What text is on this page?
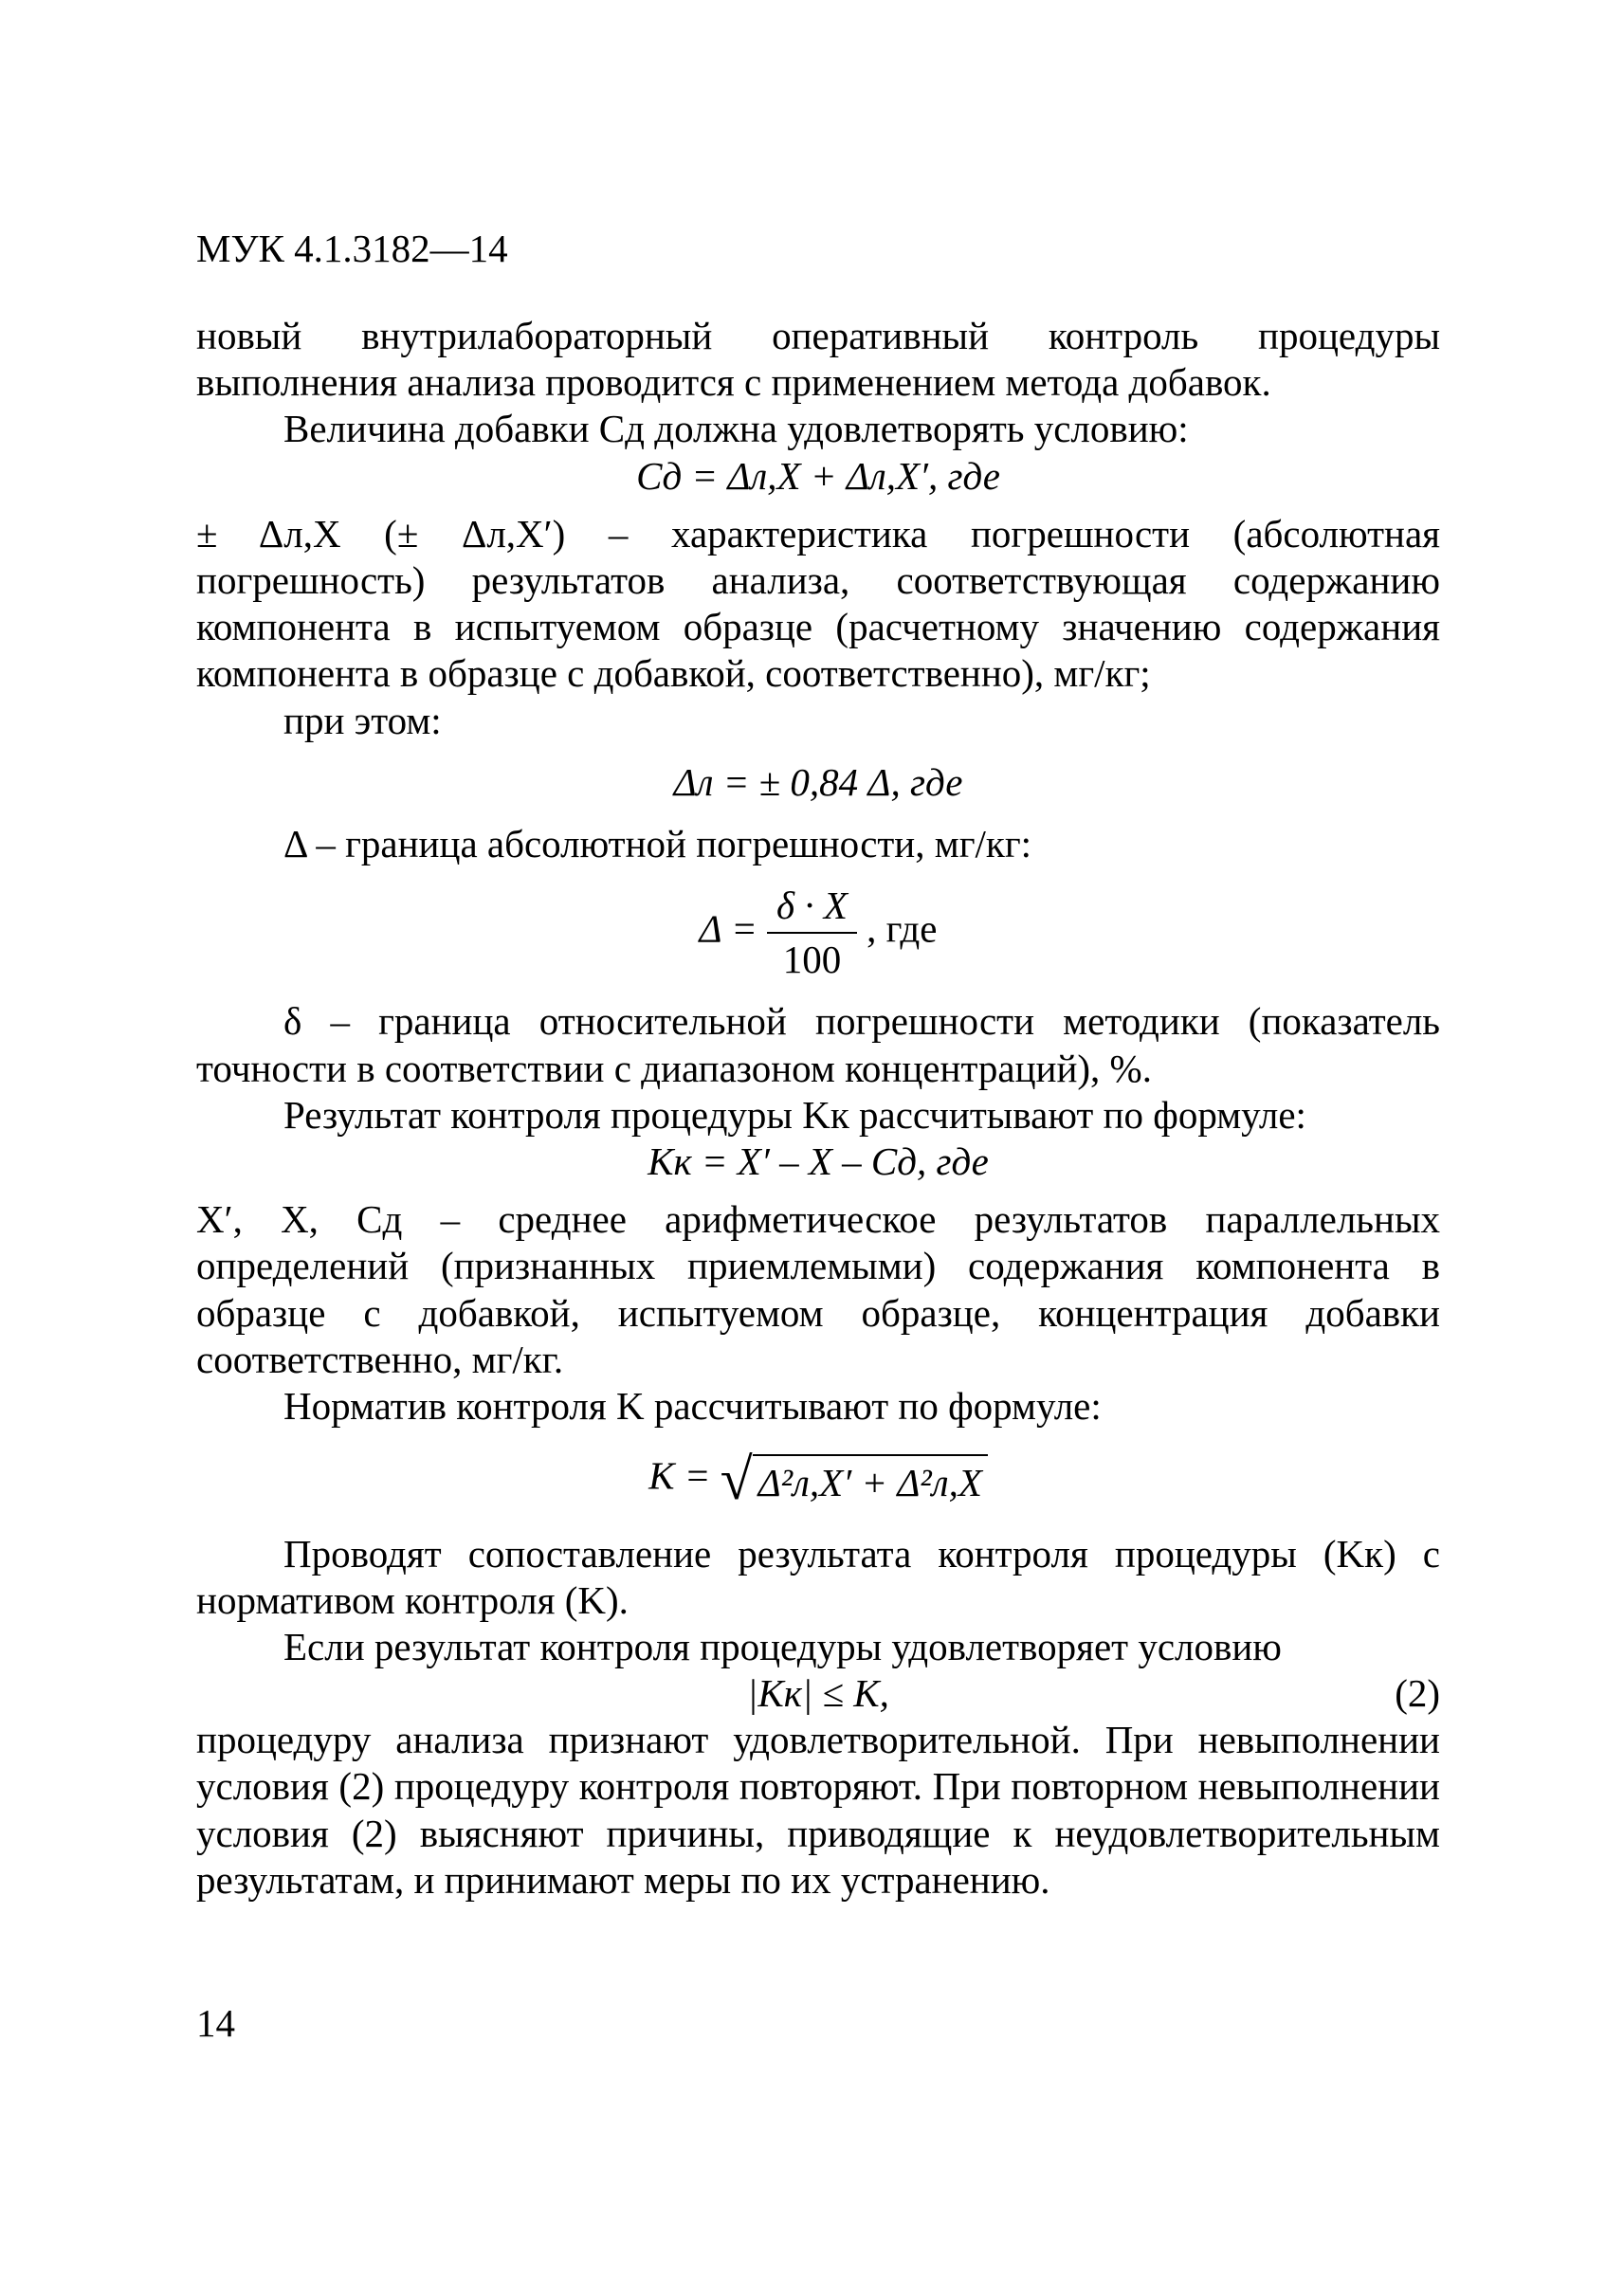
МУК 4.1.3182—14

новый внутрилабораторный оперативный контроль процедуры выполнения анализа проводится с применением метода добавок.

Величина добавки Cд должна удовлетворять условию:

Cд = Δл,X + Δл,X′, где

± Δл,X (± Δл,X′) – характеристика погрешности (абсолютная погрешность) результатов анализа, соответствующая содержанию компонента в испытуемом образце (расчетному значению содержания компонента в образце с добавкой, соответственно), мг/кг;

при этом:

Δл = ± 0,84 Δ, где

Δ – граница абсолютной погрешности, мг/кг:

$\Delta = \frac{\delta \cdot X}{100}$ , где

δ – граница относительной погрешности методики (показатель точности в соответствии с диапазоном концентраций), %.

Результат контроля процедуры Kк рассчитывают по формуле:

Kк = X′ – X – Cд, где

X′, X, Cд – среднее арифметическое результатов параллельных определений (признанных приемлемыми) содержания компонента в образце с добавкой, испытуемом образце, концентрация добавки соответственно, мг/кг.

Норматив контроля K рассчитывают по формуле:

K = √ Δ²л,X′ + Δ²л,X

Проводят сопоставление результата контроля процедуры (Kк) с нормативом контроля (K).

Если результат контроля процедуры удовлетворяет условию

|Kк| ≤ K,	(2)

процедуру анализа признают удовлетворительной. При невыполнении условия (2) процедуру контроля повторяют. При повторном невыполнении условия (2) выясняют причины, приводящие к неудовлетворительным результатам, и принимают меры по их устранению.

14
